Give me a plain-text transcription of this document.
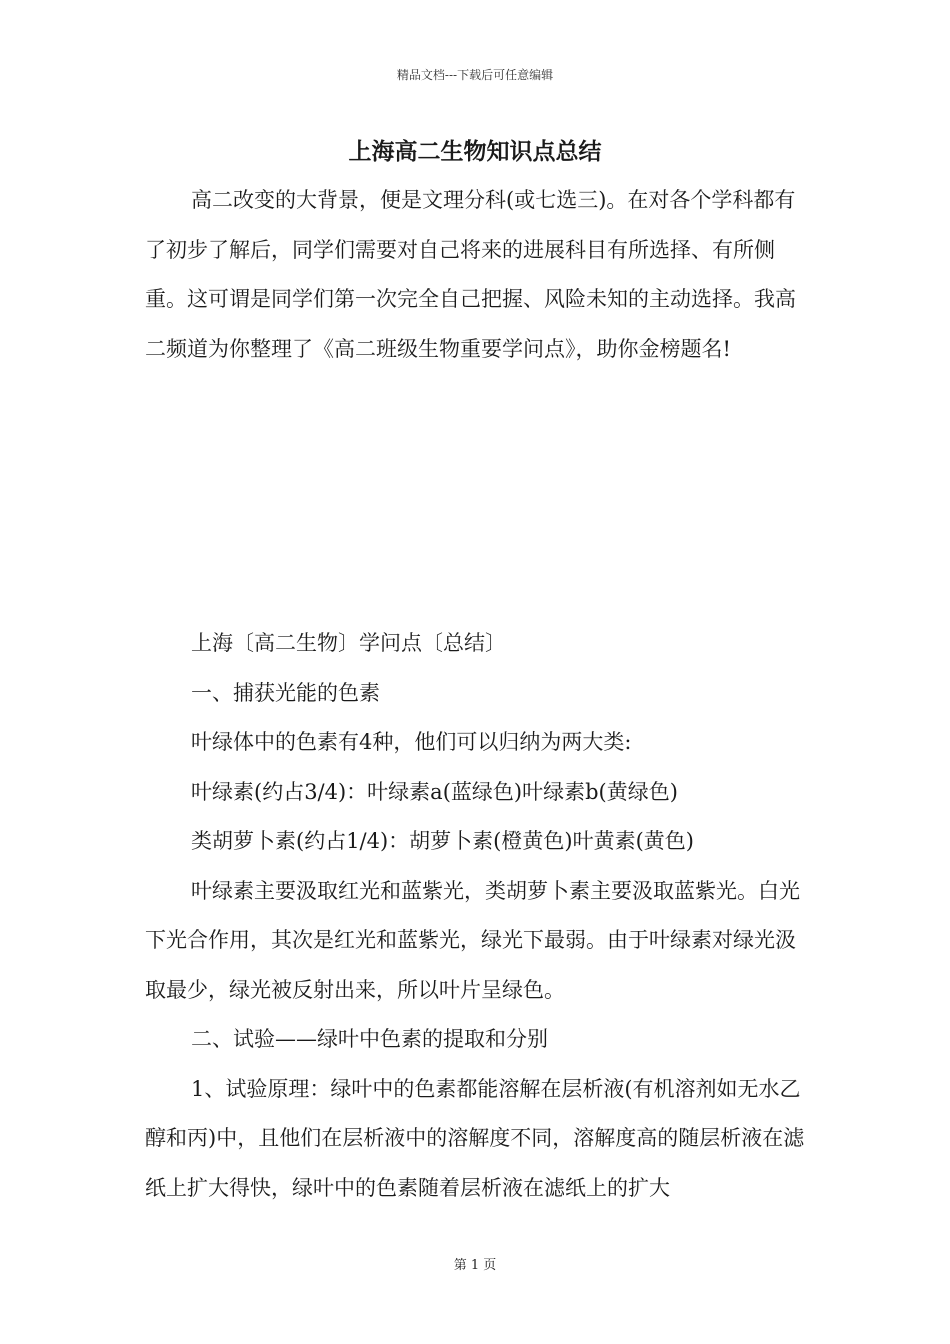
精品文档---下载后可任意编辑
上海高二生物知识点总结

高二改变的大背景，便是文理分科(或七选三)。在对各个学科都有了初步了解后，同学们需要对自己将来的进展科目有所选择、有所侧重。这可谓是同学们第一次完全自己把握、风险未知的主动选择。我高二频道为你整理了《高二班级生物重要学问点》，助你金榜题名!

上海〔高二生物〕学问点〔总结〕

一、捕获光能的色素

叶绿体中的色素有4种，他们可以归纳为两大类:

叶绿素(约占3/4)：叶绿素a(蓝绿色)叶绿素b(黄绿色)

类胡萝卜素(约占1/4)：胡萝卜素(橙黄色)叶黄素(黄色)

叶绿素主要汲取红光和蓝紫光，类胡萝卜素主要汲取蓝紫光。白光下光合作用，其次是红光和蓝紫光，绿光下最弱。由于叶绿素对绿光汲取最少，绿光被反射出来，所以叶片呈绿色。

二、试验——绿叶中色素的提取和分别

1、试验原理：绿叶中的色素都能溶解在层析液(有机溶剂如无水乙醇和丙)中，且他们在层析液中的溶解度不同，溶解度高的随层析液在滤纸上扩大得快，绿叶中的色素随着层析液在滤纸上的扩大

第 1 页
